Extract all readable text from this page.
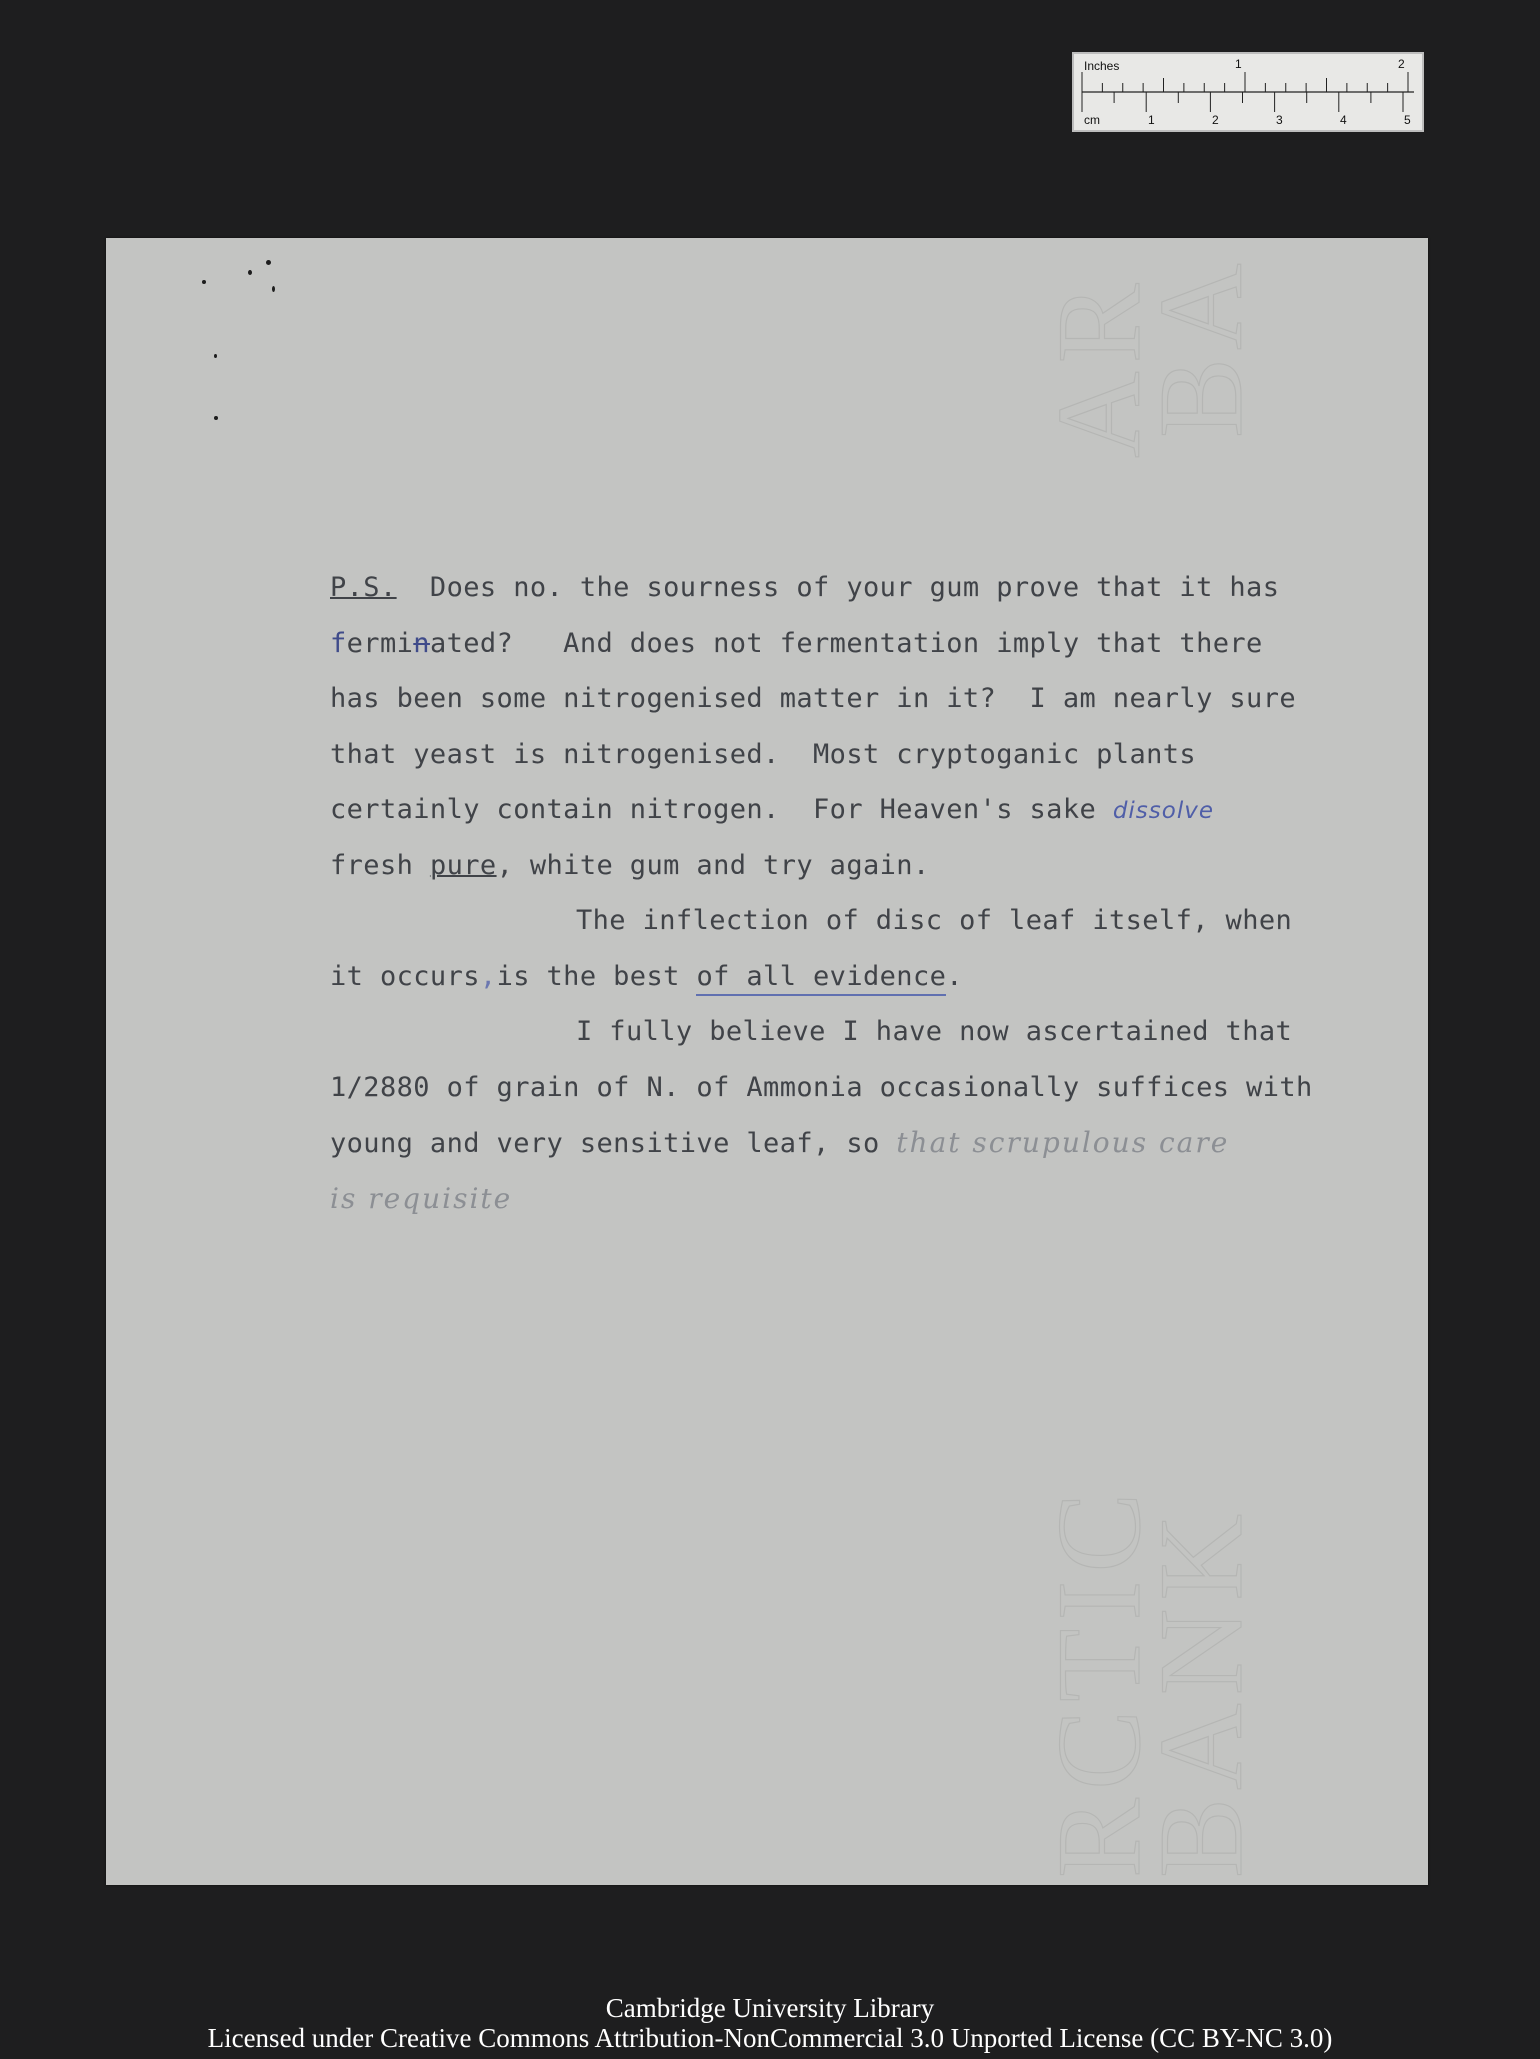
Inches
cm
1	2
1	2	3	4	5
AR
BA
RCTIC
BANK
P.S.  Does no. the sourness of your gum prove that it has
ferminated?   And does not fermentation imply that there
has been some nitrogenised matter in it?  I am nearly sure
that yeast is nitrogenised.  Most cryptoganic plants
certainly contain nitrogen.  For Heaven's sake dissolve
fresh pure, white gum and try again.
The inflection of disc of leaf itself, when
it occurs,is the best of all evidence.
I fully believe I have now ascertained that
1/2880 of grain of N. of Ammonia occasionally suffices with
young and very sensitive leaf, so that scrupulous care
is requisite
Cambridge University Library
Licensed under Creative Commons Attribution-NonCommercial 3.0 Unported License (CC BY-NC 3.0)
